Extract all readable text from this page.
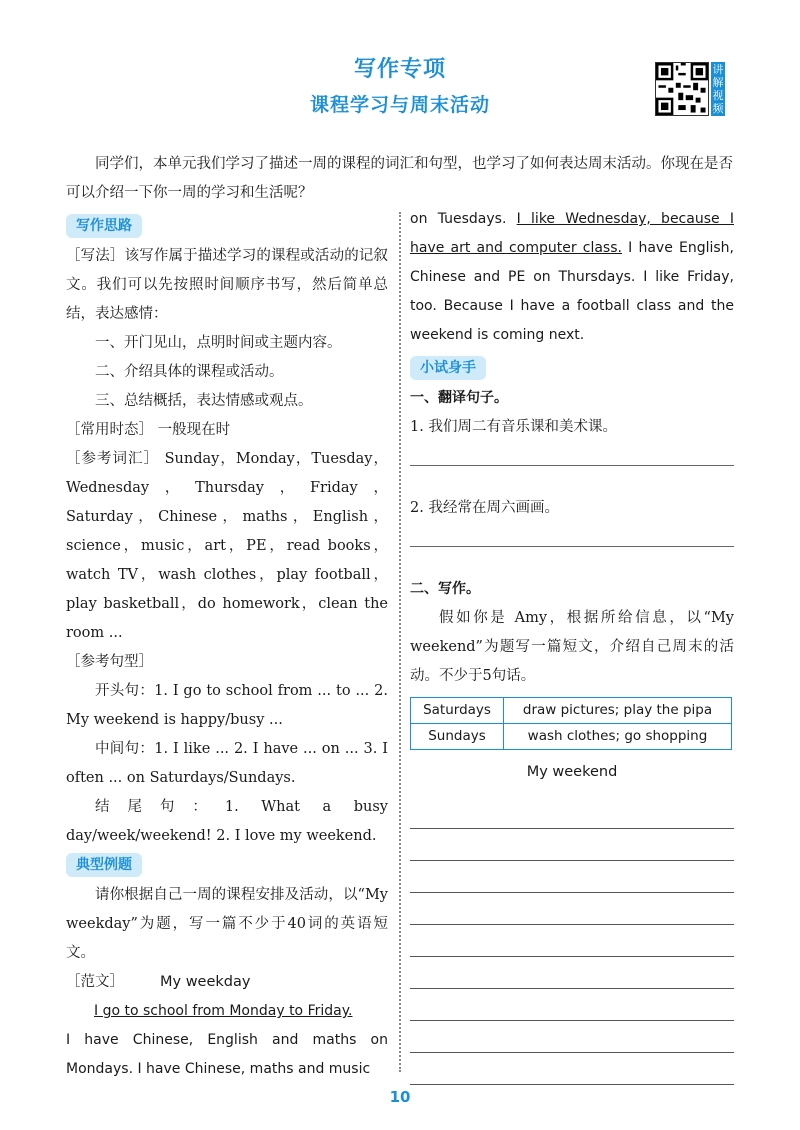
写作专项
课程学习与周末活动
讲解视频
同学们，本单元我们学习了描述一周的课程的词汇和句型，也学习了如何表达周末活动。你现在是否可以介绍一下你一周的学习和生活呢？
写作思路

［写法］该写作属于描述学习的课程或活动的记叙文。我们可以先按照时间顺序书写，然后简单总结，表达感情：

一、开门见山，点明时间或主题内容。

二、介绍具体的课程或活动。

三、总结概括，表达情感或观点。

［常用时态］ 一般现在时

［参考词汇］ Sunday，Monday，Tuesday，Wednesday，Thursday，Friday，Saturday，Chinese，maths，English，science，music，art，PE，read books，watch TV，wash clothes，play football，play basketball，do homework，clean the room ...

［参考句型］

开头句：1. I go to school from ... to ... 2. My weekend is happy/busy ...

中间句：1. I like ... 2. I have ... on ... 3. I often ... on Saturdays/Sundays.

结尾句：1. What a busy day/week/weekend! 2. I love my weekend.

典型例题

请你根据自己一周的课程安排及活动，以“My weekday”为题，写一篇不少于40词的英语短文。

［范文］ My weekday

I go to school from Monday to Friday.

I have Chinese, English and maths on Mondays. I have Chinese, maths and music

on Tuesdays. I like Wednesday, because I have art and computer class. I have English, Chinese and PE on Thursdays. I like Friday, too. Because I have a football class and the weekend is coming next.

小试身手

一、翻译句子。

1. 我们周二有音乐课和美术课。

2. 我经常在周六画画。

二、写作。

假如你是 Amy，根据所给信息，以“My weekend”为题写一篇短文，介绍自己周末的活动。不少于5句话。

Saturdays	draw pictures; play the pipa
Sundays	wash clothes; go shopping
My weekend
10
